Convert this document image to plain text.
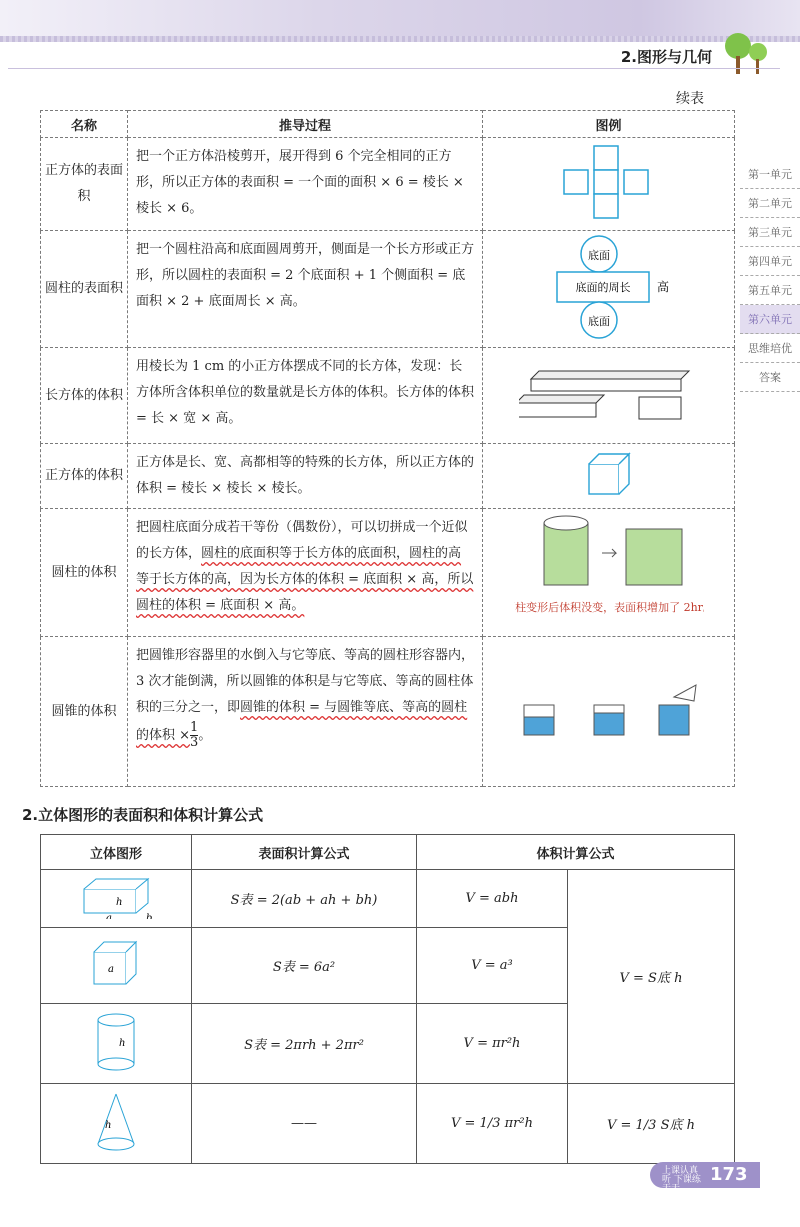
2.图形与几何
续表
名称	推导过程	图例
正方体的表面积	把一个正方体沿棱剪开，展开得到 6 个完全相同的正方形，所以正方体的表面积 = 一个面的面积 × 6 = 棱长 × 棱长 × 6。	
圆柱的表面积	把一个圆柱沿高和底面圆周剪开，侧面是一个长方形或正方形，所以圆柱的表面积 = 2 个底面积 + 1 个侧面积 = 底面积 × 2 + 底面周长 × 高。	底面
底面的周长 高
底面

长方体的体积	用棱长为 1 cm 的小正方体摆成不同的长方体，发现：长方体所含体积单位的数量就是长方体的体积。长方体的体积 = 长 × 宽 × 高。	
正方体的体积	正方体是长、宽、高都相等的特殊的长方体，所以正方体的体积 = 棱长 × 棱长 × 棱长。	
圆柱的体积	把圆柱底面分成若干等份（偶数份），可以切拼成一个近似的长方体，圆柱的底面积等于长方体的底面积，圆柱的高等于长方体的高，因为长方体的体积 = 底面积 × 高，所以圆柱的体积 = 底面积 × 高。	圆柱变形后体积没变，表面积增加了 2hr。

圆锥的体积	把圆锥形容器里的水倒入与它等底、等高的圆柱形容器内，3 次才能倒满，所以圆锥的体积是与它等底、等高的圆柱体积的三分之一，即圆锥的体积 = 与圆锥等底、等高的圆柱的体积 × $\frac{1}{3}$ 。	
2.立体图形的表面积和体积计算公式
立体图形	表面积计算公式	体积计算公式	

h
a b	S表 = 2(ab + ah + bh)	V = abh	V = S底 h

a	S表 = 6a²	V = a³	

h	S表 = 2πrh + 2πr²	V = πr²h	

h	——	V = 1/3 πr²h	V = 1/3 S底 h
第一单元
第二单元
第三单元
第四单元
第五单元
第六单元
思维培优
答案
上课认真听 下课练天天
173
